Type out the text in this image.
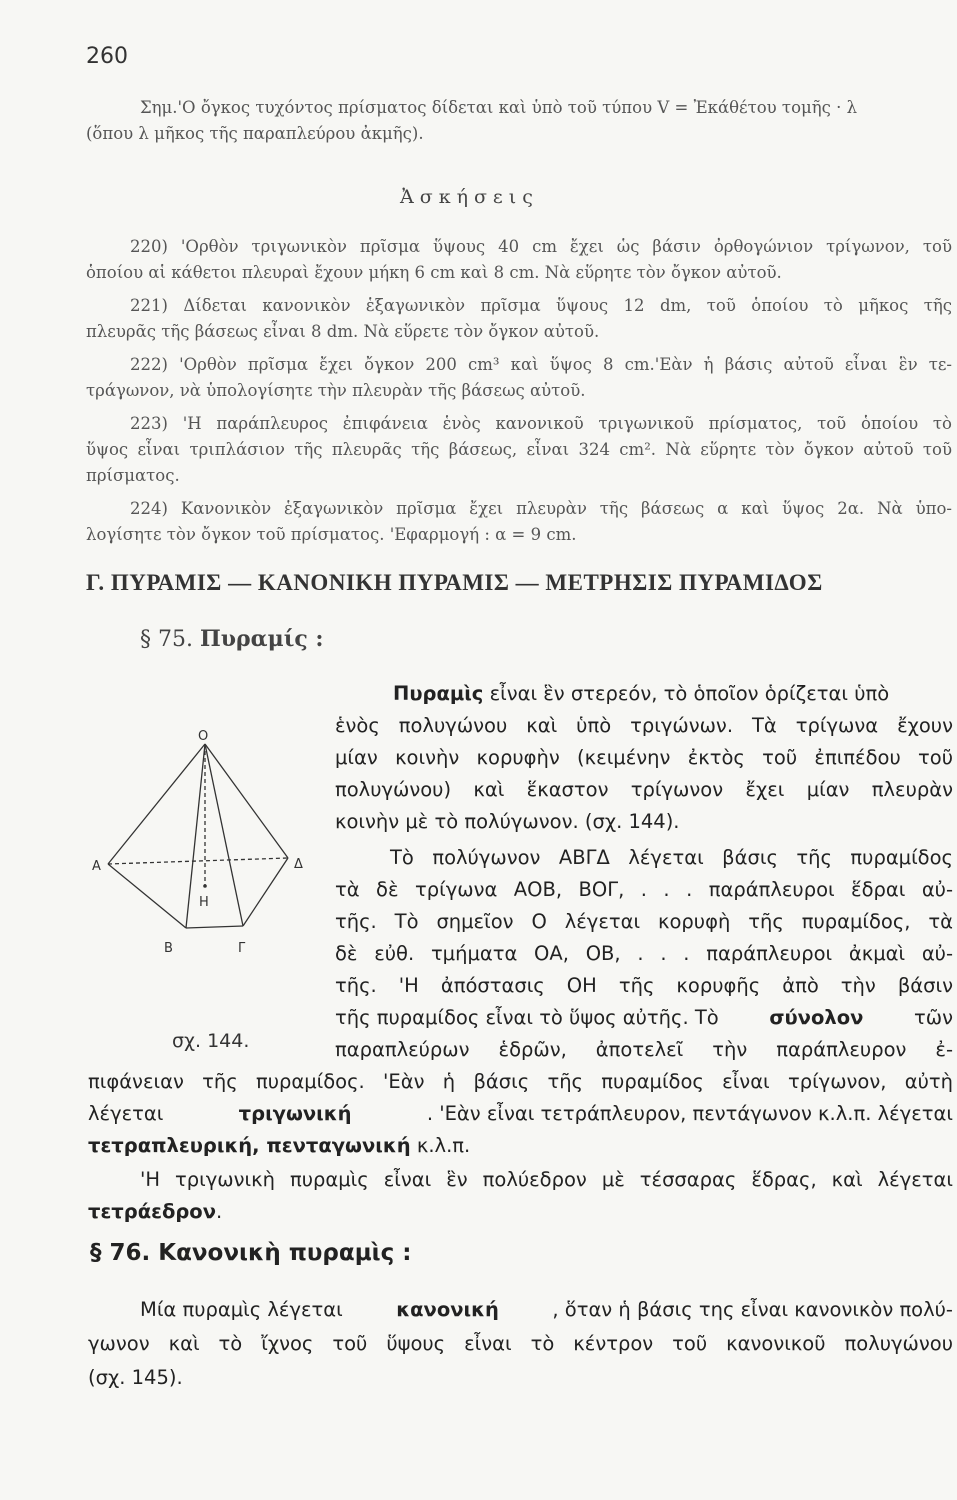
260
Σημ.'Ο ὄγκος τυχόντος πρίσματος δίδεται καὶ ὑπὸ τοῦ τύπου V = Ἐκάθέτου τομῆς · λ
(ὅπου λ μῆκος τῆς παραπλεύρου ἀκμῆς).
Ἀσκήσεις
220) 'Ορθὸν τριγωνικὸν πρῖσμα ὕψους 40 cm ἔχει ὡς βάσιν ὀρθογώνιον τρίγωνον, τοῦ
ὁποίου αἱ κάθετοι πλευραὶ ἔχουν μήκη 6 cm καὶ 8 cm. Νὰ εὕρητε τὸν ὄγκον αὐτοῦ.
221) Δίδεται κανονικὸν ἑξαγωνικὸν πρῖσμα ὕψους 12 dm, τοῦ ὁποίου τὸ μῆκος τῆς
πλευρᾶς τῆς βάσεως εἶναι 8 dm. Νὰ εὕρετε τὸν ὄγκον αὐτοῦ.
222) 'Ορθὸν πρῖσμα ἔχει ὄγκον 200 cm³ καὶ ὕψος 8 cm.'Εὰν ἡ βάσις αὐτοῦ εἶναι ἓν τε-
τράγωνον, νὰ ὑπολογίσητε τὴν πλευρὰν τῆς βάσεως αὐτοῦ.
223) 'Η παράπλευρος ἐπιφάνεια ἑνὸς κανονικοῦ τριγωνικοῦ πρίσματος, τοῦ ὁποίου τὸ
ὕψος εἶναι τριπλάσιον τῆς πλευρᾶς τῆς βάσεως, εἶναι 324 cm². Νὰ εὕρητε τὸν ὄγκον αὐτοῦ τοῦ
πρίσματος.
224) Κανονικὸν ἑξαγωνικὸν πρῖσμα ἔχει πλευρὰν τῆς βάσεως α καὶ ὕψος 2α. Νὰ ὑπο-
λογίσητε τὸν ὄγκον τοῦ πρίσματος. 'Εφαρμογή : α = 9 cm.
Γ. ΠΥΡΑΜΙΣ — ΚΑΝΟΝΙΚΗ ΠΥΡΑΜΙΣ — ΜΕΤΡΗΣΙΣ ΠΥΡΑΜΙΔΟΣ
§ 75. Πυραμίς :
Ο
Α
Β	Γ
Δ
Η
σχ. 144.
Πυραμὶς εἶναι ἓν στερεόν, τὸ ὁποῖον ὁρίζεται ὑπὸ
ἑνὸς πολυγώνου καὶ ὑπὸ τριγώνων. Τὰ τρίγωνα ἔχουν
μίαν κοινὴν κορυφὴν (κειμένην ἐκτὸς τοῦ ἐπιπέδου τοῦ
πολυγώνου) καὶ ἕκαστον τρίγωνον ἔχει μίαν πλευρὰν
κοινὴν μὲ τὸ πολύγωνον. (σχ. 144).
Τὸ πολύγωνον ΑΒΓΔ λέγεται βάσις τῆς πυραμίδος
τὰ δὲ τρίγωνα ΑΟΒ, ΒΟΓ, . . . παράπλευροι ἕδραι αὐ-
τῆς. Τὸ σημεῖον Ο λέγεται κορυφὴ τῆς πυραμίδος, τὰ
δὲ εὐθ. τμήματα ΟΑ, ΟΒ, . . . παράπλευροι ἀκμαὶ αὐ-
τῆς. 'Η ἀπόστασις ΟΗ τῆς κορυφῆς ἀπὸ τὴν βάσιν
τῆς πυραμίδος εἶναι τὸ ὕψος αὐτῆς. Τὸ	σύνολον	τῶν
παραπλεύρων ἑδρῶν, ἀποτελεῖ τὴν παράπλευρον ἐ-
πιφάνειαν τῆς πυραμίδος. 'Εὰν ἡ βάσις τῆς πυραμίδος εἶναι τρίγωνον, αὐτὴ
λέγεται	τριγωνική	. 'Εὰν εἶναι τετράπλευρον, πεντάγωνον κ.λ.π. λέγεται
τετραπλευρική, πενταγωνική κ.λ.π.
'Η τριγωνικὴ πυραμὶς εἶναι ἓν πολύεδρον μὲ τέσσαρας ἕδρας, καὶ λέγεται
τετράεδρον.
§ 76. Κανονικὴ πυραμὶς :
Μία πυραμὶς λέγεται	κανονική	, ὅταν ἡ βάσις της εἶναι κανονικὸν πολύ-
γωνον καὶ τὸ ἴχνος τοῦ ὕψους εἶναι τὸ κέντρον τοῦ κανονικοῦ πολυγώνου
(σχ. 145).
